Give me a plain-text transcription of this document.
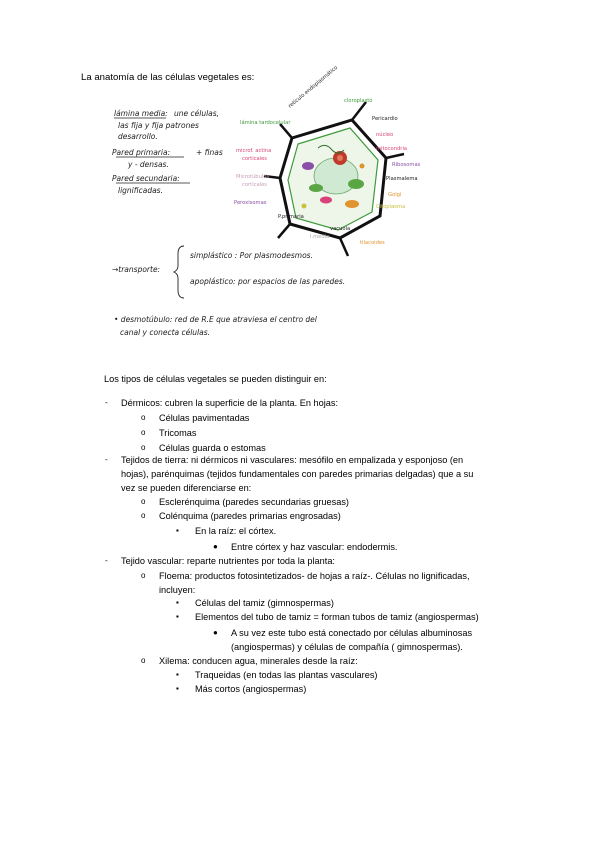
La anatomía de las células vegetales es:
lámina media: une células,
las fija y fija patrones
desarrollo.
Pared primaria:	+ finas
y - densas.
Pared secundaria:
lignificadas.
retículo endoplasmático cloroplasto
Pericardio
núcleo
mitocondria
Ribosomas
Plasmalema
Golgi
Citoplasma
vacuola
lámina tardocelular
microf. actina
corticales
Microtúbulos
corticales
Peroxisomas
P.primaria
l.media
tilacoides
→transporte:
simplástico : Por plasmodesmos.
apoplástico: por espacios de las paredes.
• desmotúbulo: red de R.E que atraviesa el centro del
canal y conecta células.
Los tipos de células vegetales se pueden distinguir en:
- Dérmicos: cubren la superficie de la planta. En hojas:
o Células pavimentadas
o Tricomas
o Células guarda o estomas
- Tejidos de tierra: ni dérmicos ni vasculares: mesófilo en empalizada y esponjoso (en
hojas), parénquimas (tejidos fundamentales con paredes primarias delgadas) que a su
vez se pueden diferenciarse en:
o Esclerénquima (paredes secundarias gruesas)
o Colénquima (paredes primarias engrosadas)
▪ En la raíz: el córtex.
● Entre córtex y haz vascular: endodermis.
- Tejido vascular: reparte nutrientes por toda la planta:
o Floema: productos fotosintetizados- de hojas a raíz-. Células no lignificadas,
incluyen:
▪ Células del tamiz (gimnospermas)
▪ Elementos del tubo de tamiz = forman tubos de tamiz (angiospermas)
● A su vez este tubo está conectado por células albuminosas
(angiospermas) y células de compañía ( gimnospermas).
o Xilema: conducen agua, minerales desde la raíz:
▪ Traqueidas (en todas las plantas vasculares)
▪ Más cortos (angiospermas)
